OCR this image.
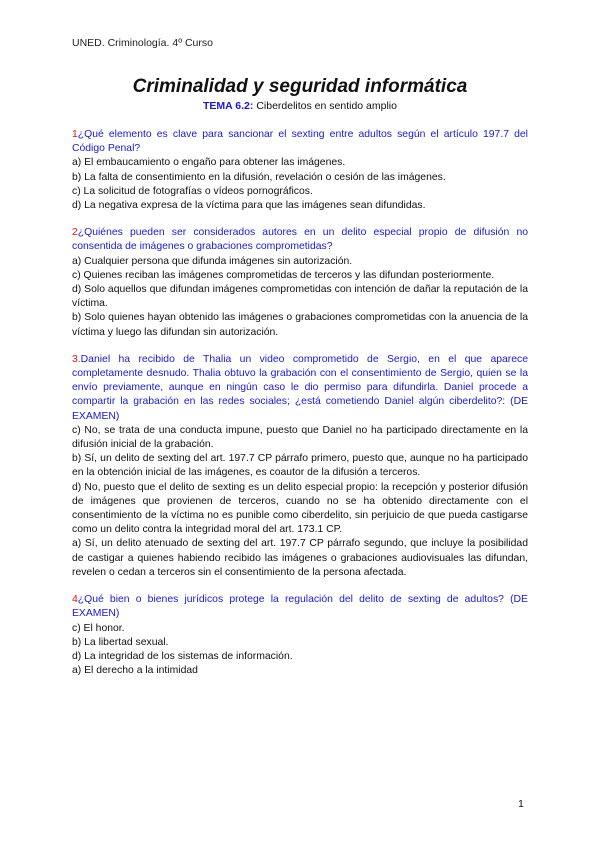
UNED. Criminología. 4º Curso
Criminalidad y seguridad informática
TEMA 6.2: Ciberdelitos en sentido amplio
1¿Qué elemento es clave para sancionar el sexting entre adultos según el artículo 197.7 del Código Penal?
a) El embaucamiento o engaño para obtener las imágenes.
b) La falta de consentimiento en la difusión, revelación o cesión de las imágenes.
c) La solicitud de fotografías o vídeos pornográficos.
d) La negativa expresa de la víctima para que las imágenes sean difundidas.
2¿Quiénes pueden ser considerados autores en un delito especial propio de difusión no consentida de imágenes o grabaciones comprometidas?
a) Cualquier persona que difunda imágenes sin autorización.
c) Quienes reciban las imágenes comprometidas de terceros y las difundan posteriormente.
d) Solo aquellos que difundan imágenes comprometidas con intención de dañar la reputación de la víctima.
b) Solo quienes hayan obtenido las imágenes o grabaciones comprometidas con la anuencia de la víctima y luego las difundan sin autorización.
3.Daniel ha recibido de Thalia un video comprometido de Sergio, en el que aparece completamente desnudo. Thalia obtuvo la grabación con el consentimiento de Sergio, quien se la envío previamente, aunque en ningún caso le dio permiso para difundirla. Daniel procede a compartir la grabación en las redes sociales; ¿está cometiendo Daniel algún ciberdelito?: (DE EXAMEN)
c) No, se trata de una conducta impune, puesto que Daniel no ha participado directamente en la difusión inicial de la grabación.
b) Sí, un delito de sexting del art. 197.7 CP párrafo primero, puesto que, aunque no ha participado en la obtención inicial de las imágenes, es coautor de la difusión a terceros.
d) No, puesto que el delito de sexting es un delito especial propio: la recepción y posterior difusión de imágenes que provienen de terceros, cuando no se ha obtenido directamente con el consentimiento de la víctima no es punible como ciberdelito, sin perjuicio de que pueda castigarse como un delito contra la integridad moral del art. 173.1 CP.
a) Sí, un delito atenuado de sexting del art. 197.7 CP párrafo segundo, que incluye la posibilidad de castigar a quienes habiendo recibido las imágenes o grabaciones audiovisuales las difundan, revelen o cedan a terceros sin el consentimiento de la persona afectada.
4¿Qué bien o bienes jurídicos protege la regulación del delito de sexting de adultos? (DE EXAMEN)
c) El honor.
b) La libertad sexual.
d) La integridad de los sistemas de información.
a) El derecho a la intimidad
1
